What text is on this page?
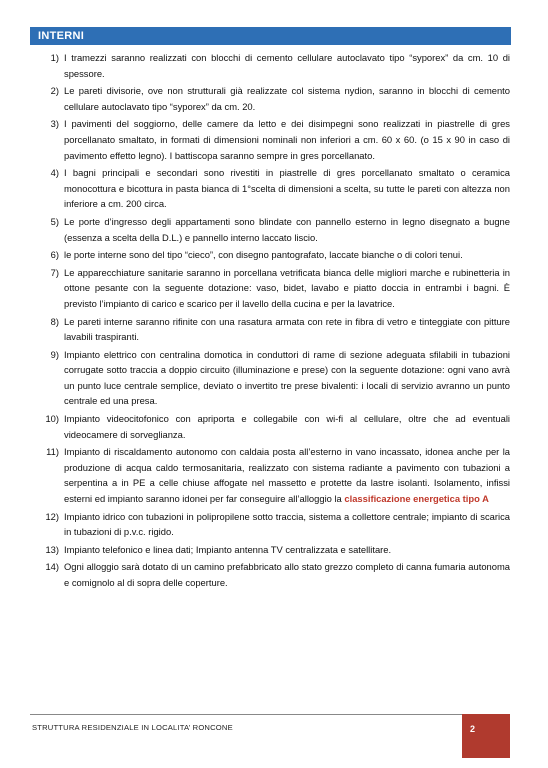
INTERNI
1) I tramezzi saranno realizzati con blocchi di cemento cellulare autoclavato tipo “syporex” da cm. 10 di spessore.
2) Le pareti divisorie, ove non strutturali già realizzate col sistema nydion, saranno in blocchi di cemento cellulare autoclavato tipo “syporex” da cm. 20.
3) I pavimenti del soggiorno, delle camere da letto e dei disimpegni sono realizzati in piastrelle di gres porcellanato smaltato, in formati di dimensioni nominali non inferiori a cm. 60 x 60. (o 15 x 90 in caso di pavimento effetto legno). I battiscopa saranno sempre in gres porcellanato.
4) I bagni principali e secondari sono rivestiti in piastrelle di gres porcellanato smaltato o ceramica monocottura e bicottura in pasta bianca di 1°scelta di dimensioni a scelta, su tutte le pareti con altezza non inferiore a cm. 200 circa.
5) Le porte d’ingresso degli appartamenti sono blindate con pannello esterno in legno disegnato a bugne (essenza a scelta della D.L.) e pannello interno laccato liscio.
6) le porte interne sono del tipo “cieco”, con disegno pantografato, laccate bianche o di colori tenui.
7) Le apparecchiature sanitarie saranno in porcellana vetrificata bianca delle migliori marche e rubinetteria in ottone pesante con la seguente dotazione: vaso, bidet, lavabo e piatto doccia in entrambi i bagni. È previsto l’impianto di carico e scarico per il lavello della cucina e per la lavatrice.
8) Le pareti interne saranno rifinite con una rasatura armata con rete in fibra di vetro e tinteggiate con pitture lavabili traspiranti.
9) Impianto elettrico con centralina domotica in conduttori di rame di sezione adeguata sfilabili in tubazioni corrugate sotto traccia a doppio circuito (illuminazione e prese) con la seguente dotazione: ogni vano avrà un punto luce centrale semplice, deviato o invertito tre prese bivalenti: i locali di servizio avranno un punto centrale ed una presa.
10) Impianto videocitofonico con apriporta e collegabile con wi-fi al cellulare, oltre che ad eventuali videocamere di sorveglianza.
11) Impianto di riscaldamento autonomo con caldaia posta all’esterno in vano incassato, idonea anche per la produzione di acqua caldo termosanitaria, realizzato con sistema radiante a pavimento con tubazioni a serpentina a in PE a celle chiuse affogate nel massetto e protette da lastre isolanti. Isolamento, infissi esterni ed impianto saranno idonei per far conseguire all’alloggio la classificazione energetica tipo A
12) Impianto idrico con tubazioni in polipropilene sotto traccia, sistema a collettore centrale; impianto di scarica in tubazioni di p.v.c. rigido.
13) Impianto telefonico e linea dati; Impianto antenna TV centralizzata e satellitare.
14) Ogni alloggio sarà dotato di un camino prefabbricato allo stato grezzo completo di canna fumaria autonoma e comignolo al di sopra delle coperture.
STRUTTURA RESIDENZIALE IN LOCALITA’ RONCONE	2
